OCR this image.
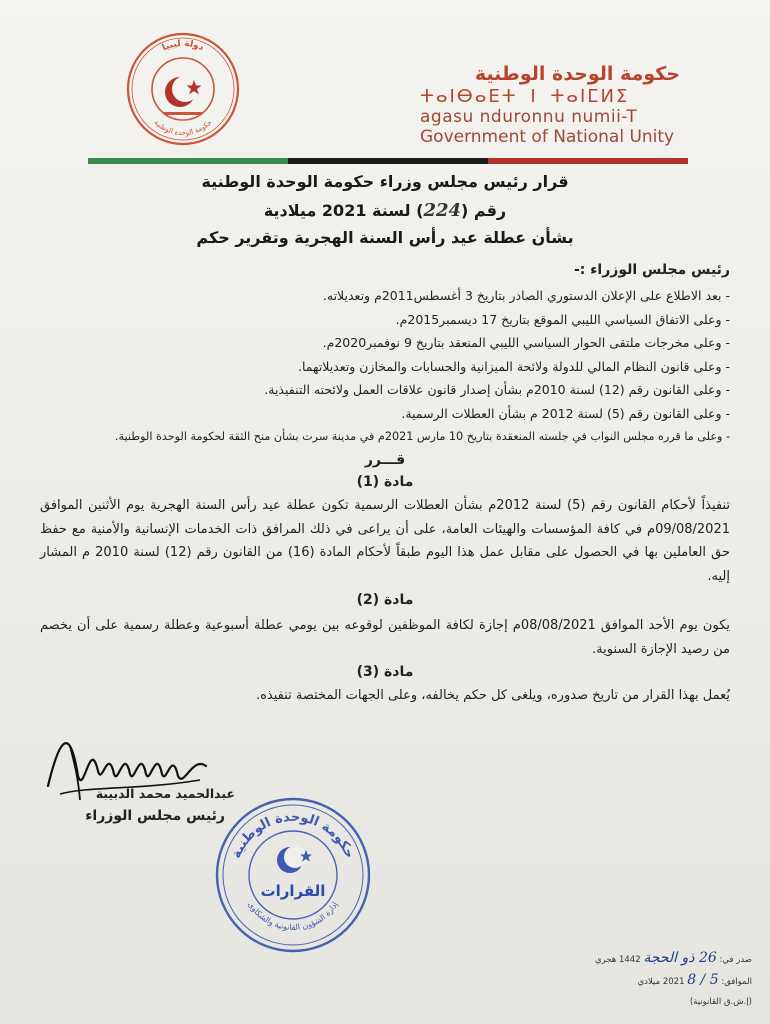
دولة ليبيا
حكومة الوحدة الوطنية
حكومة الوحدة الوطنية
ⵜⴰⵏⴱⴰⴹⵜ ⵏ ⵜⴰⵏⵎⵍⵉ
agasu nduronnu numii-T
Government of National Unity
قرار رئيس مجلس وزراء حكومة الوحدة الوطنية
رقم (224) لسنة 2021 ميلادية
بشأن عطلة عيد رأس السنة الهجرية وتقرير حكم
رئيس مجلس الوزراء :-
- بعد الاطلاع على الإعلان الدستوري الصادر بتاريخ 3 أغسطس2011م وتعديلاته.
- وعلى الاتفاق السياسي الليبي الموقع بتاريخ 17 ديسمبر2015م.
- وعلى مخرجات ملتقى الحوار السياسي الليبي المنعقد بتاريخ 9 نوفمبر2020م.
- وعلى قانون النظام المالي للدولة ولائحة الميزانية والحسابات والمخازن وتعديلاتهما.
- وعلى القانون رقم (12) لسنة 2010م بشأن إصدار قانون علاقات العمل ولائحته التنفيذية.
- وعلى القانون رقم (5) لسنة 2012 م بشأن العطلات الرسمية.
- وعلى ما قرره مجلس النواب في جلسته المنعقدة بتاريخ 10 مارس 2021م في مدينة سرت بشأن منح الثقة لحكومة الوحدة الوطنية.
قـــرر
مادة (1)
تنفيذاً لأحكام القانون رقم (5) لسنة 2012م بشأن العطلات الرسمية تكون عطلة عيد رأس السنة الهجرية يوم الأثنين الموافق 09/08/2021م في كافة المؤسسات والهيئات العامة، على أن يراعى في ذلك المرافق ذات الخدمات الإنسانية والأمنية مع حفظ حق العاملين بها في الحصول على مقابل عمل هذا اليوم طبقاً لأحكام المادة (16) من القانون رقم (12) لسنة 2010 م المشار إليه.
مادة (2)
يكون يوم الأحد الموافق 08/08/2021م إجازة لكافة الموظفين لوقوعه بين يومي عطلة أسبوعية وعطلة رسمية على أن يخصم من رصيد الإجازة السنوية.
مادة (3)
يُعمل بهذا القرار من تاريخ صدوره، ويلغى كل حكم يخالفه، وعلى الجهات المختصة تنفيذه.
عبدالحميد محمد الدبيبة
رئيس مجلس الوزراء
حكومة الوحدة الوطنية
إدارة الشؤون القانونية والشكاوى
القرارات
صدر في: 26 ذو الحجة 1442 هجري
الموافق: 5 / 8 2021 ميلادي
(إ.ش.ق القانونية)
